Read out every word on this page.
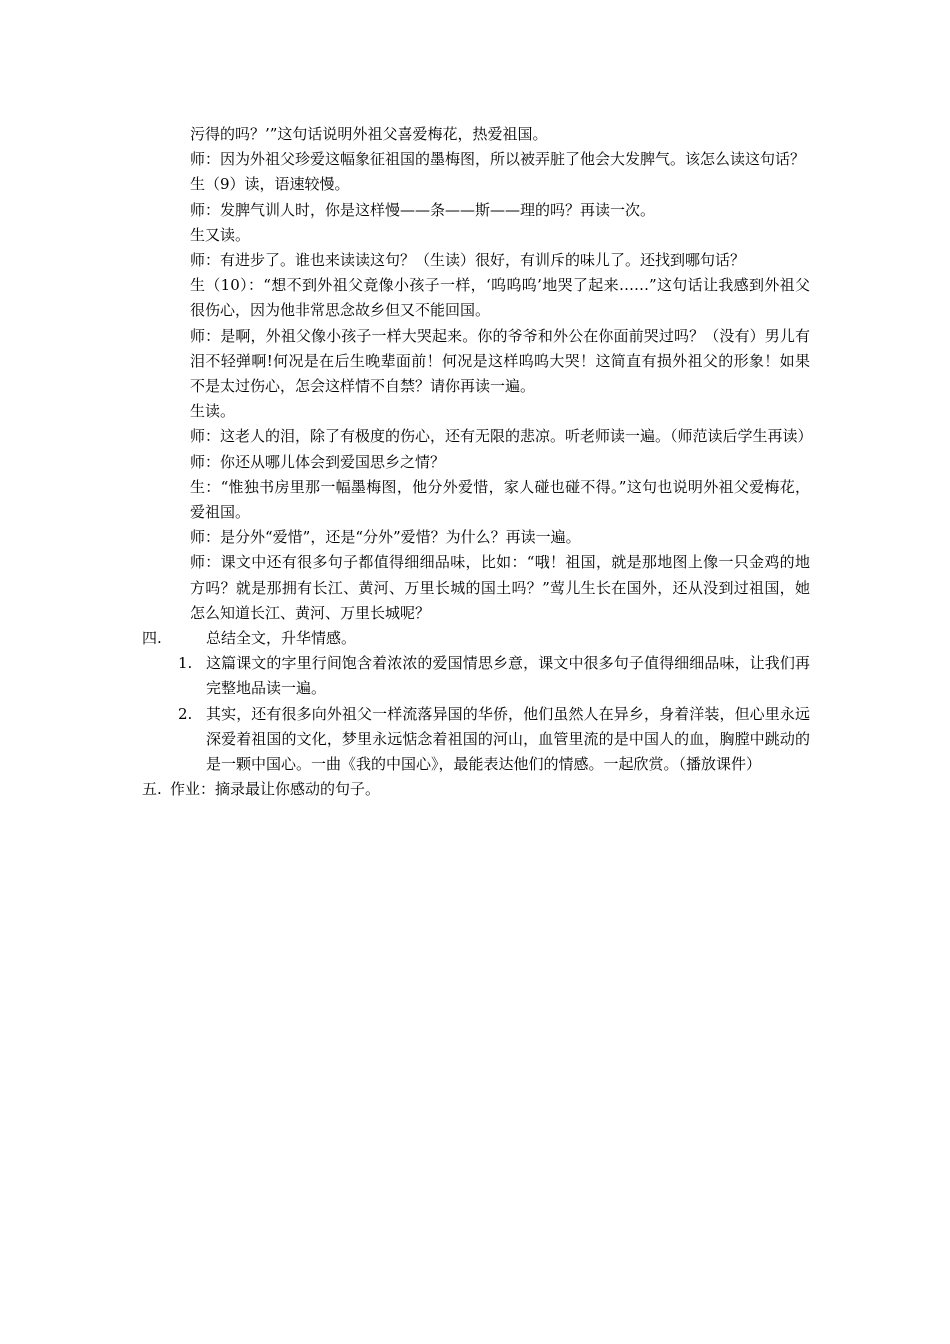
污得的吗？’”这句话说明外祖父喜爱梅花，热爱祖国。

师：因为外祖父珍爱这幅象征祖国的墨梅图，所以被弄脏了他会大发脾气。该怎么读这句话？

生（9）读，语速较慢。

师：发脾气训人时，你是这样慢——条——斯——理的吗？再读一次。

生又读。

师：有进步了。谁也来读读这句？（生读）很好，有训斥的味儿了。还找到哪句话？

生（10）：“想不到外祖父竟像小孩子一样，‘呜呜呜’地哭了起来……”这句话让我感到外祖父很伤心，因为他非常思念故乡但又不能回国。

师：是啊，外祖父像小孩子一样大哭起来。你的爷爷和外公在你面前哭过吗？（没有）男儿有泪不轻弹啊!何况是在后生晚辈面前！何况是这样呜呜大哭！这简直有损外祖父的形象！如果不是太过伤心，怎会这样情不自禁？请你再读一遍。

生读。

师：这老人的泪，除了有极度的伤心，还有无限的悲凉。听老师读一遍。（师范读后学生再读）

师：你还从哪儿体会到爱国思乡之情？

生：“惟独书房里那一幅墨梅图，他分外爱惜，家人碰也碰不得。”这句也说明外祖父爱梅花，爱祖国。

师：是分外“爱惜”，还是“分外”爱惜？为什么？再读一遍。

师：课文中还有很多句子都值得细细品味，比如：“哦！祖国，就是那地图上像一只金鸡的地方吗？就是那拥有长江、黄河、万里长城的国土吗？”莺儿生长在国外，还从没到过祖国，她怎么知道长江、黄河、万里长城呢？

四.	总结全文，升华情感。

1. 这篇课文的字里行间饱含着浓浓的爱国情思乡意，课文中很多句子值得细细品味，让我们再完整地品读一遍。

2. 其实，还有很多向外祖父一样流落异国的华侨，他们虽然人在异乡，身着洋装，但心里永远深爱着祖国的文化，梦里永远惦念着祖国的河山，血管里流的是中国人的血，胸膛中跳动的是一颗中国心。一曲《我的中国心》，最能表达他们的情感。一起欣赏。（播放课件）

五. 作业：摘录最让你感动的句子。
